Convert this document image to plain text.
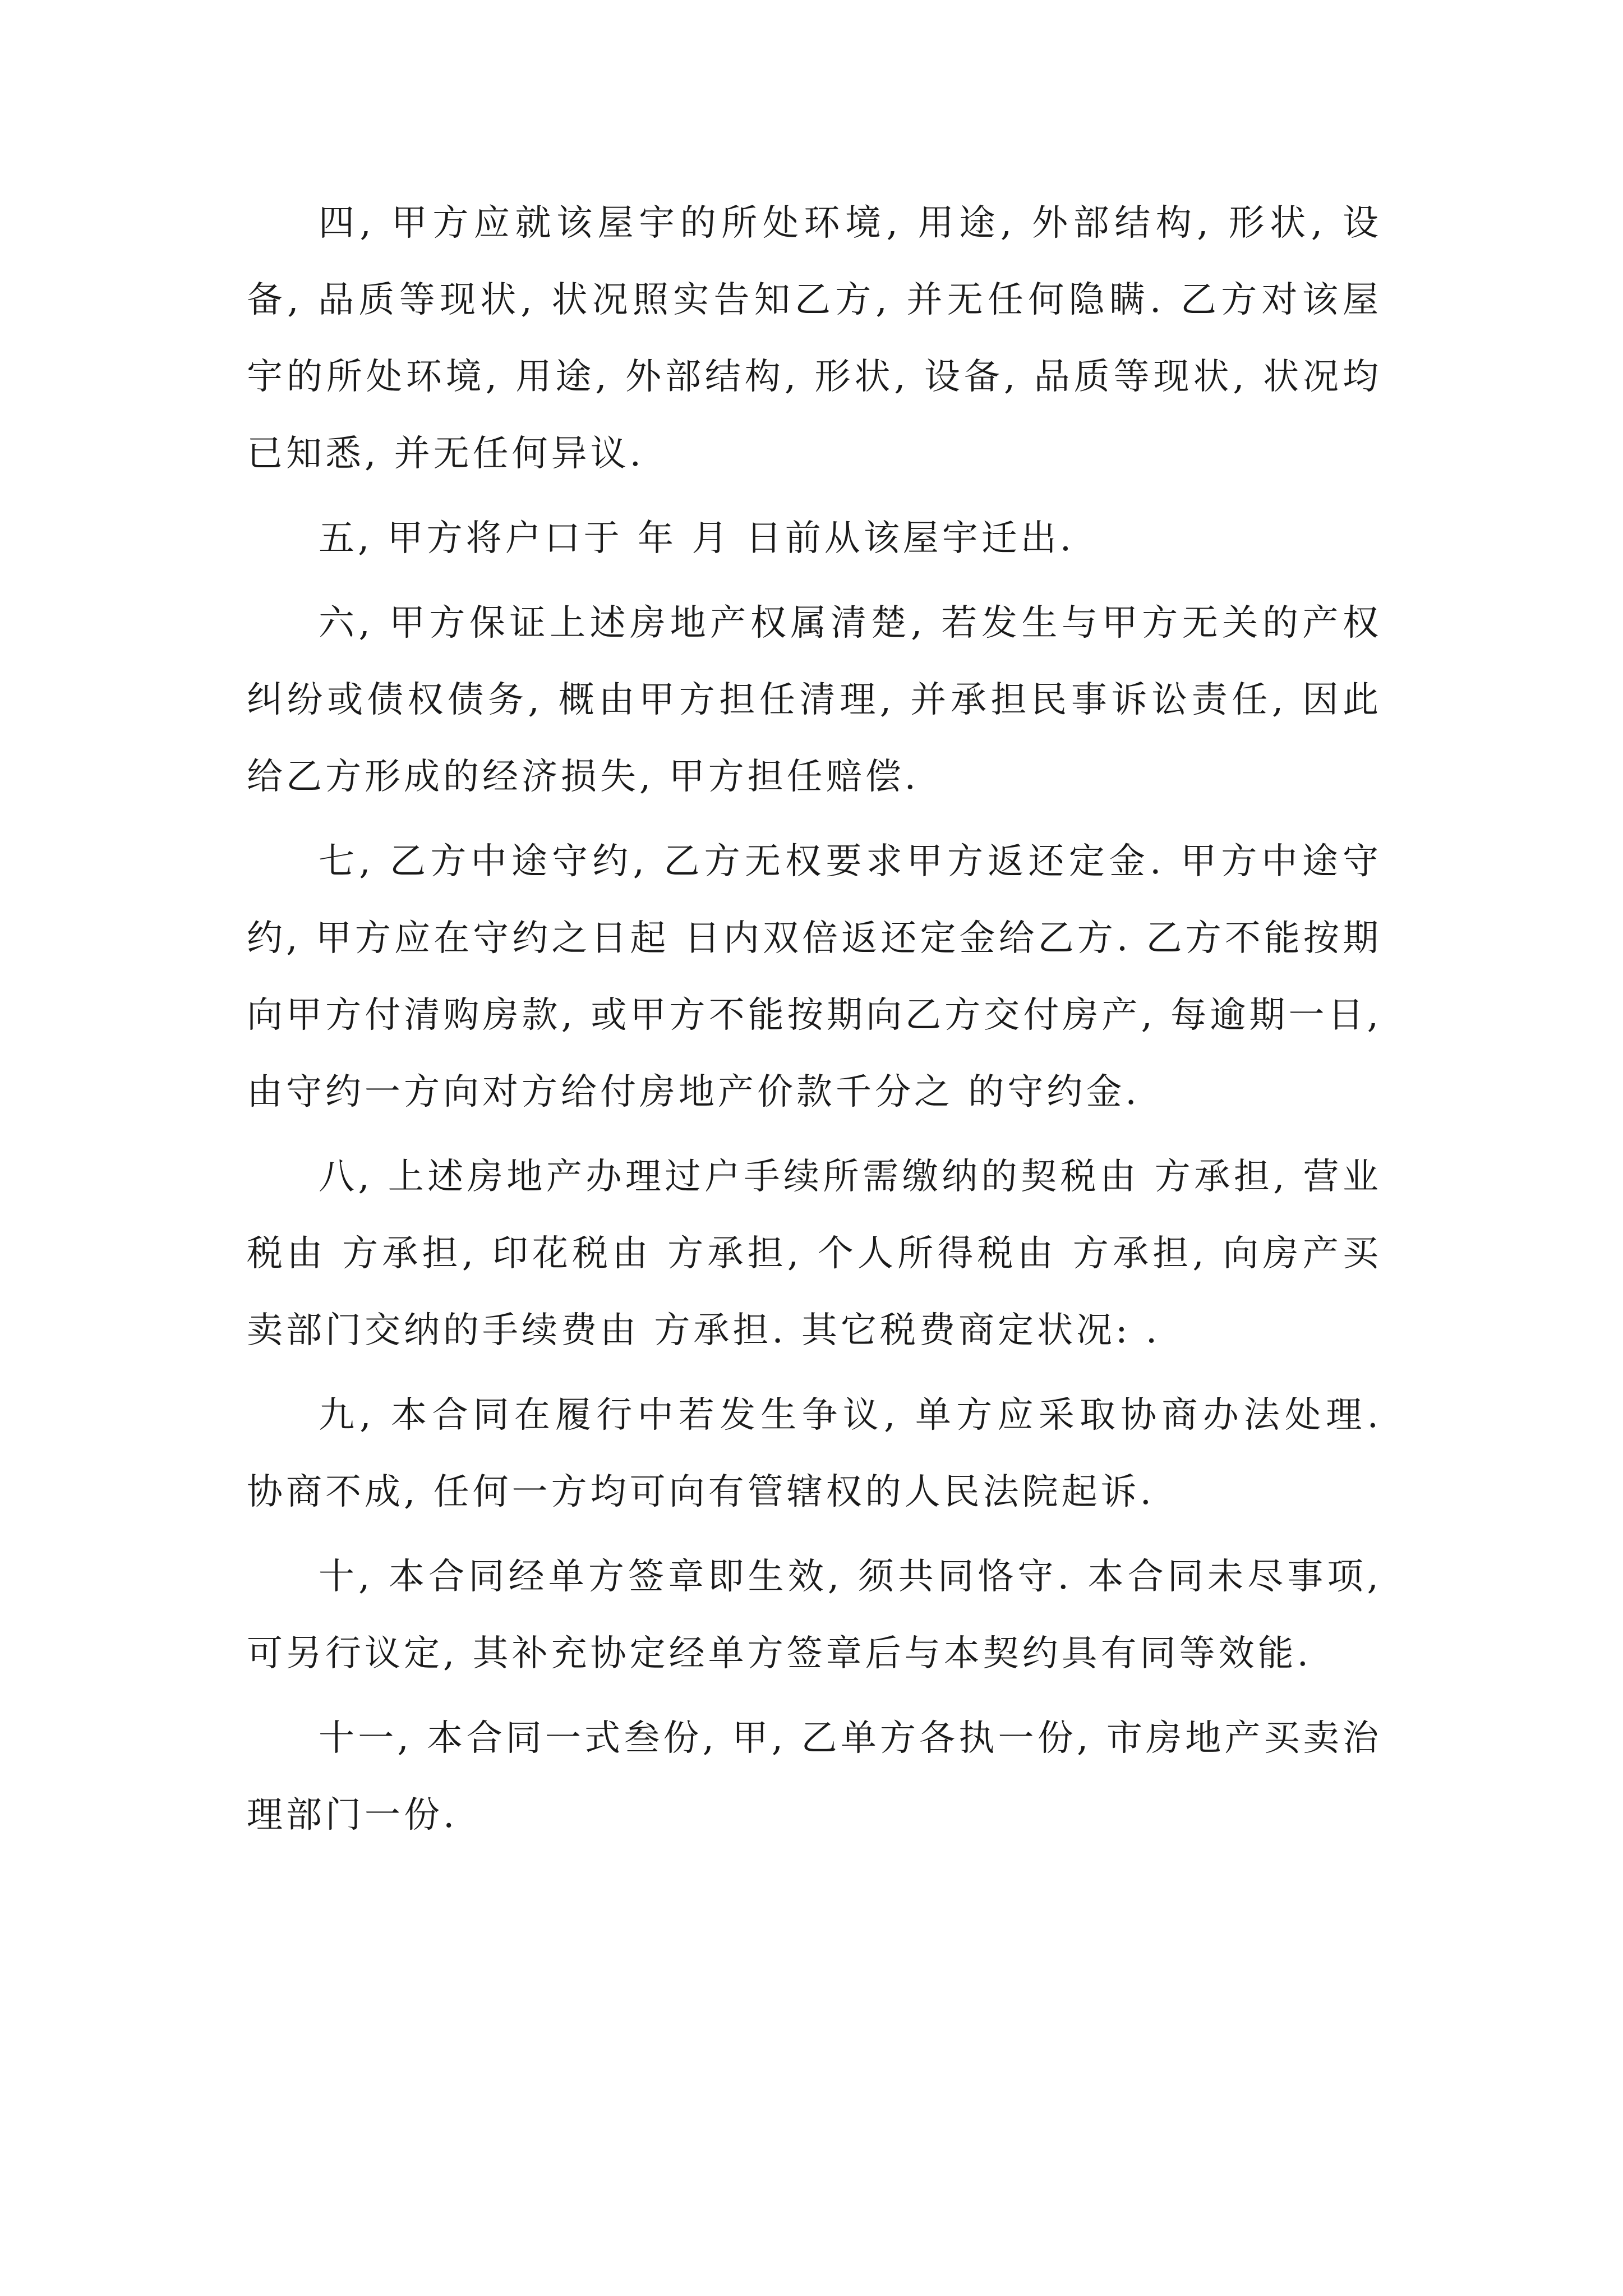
四, 甲方应就该屋宇的所处环境, 用途, 外部结构, 形状, 设备, 品质等现状, 状况照实告知乙方, 并无任何隐瞒. 乙方对该屋宇的所处环境, 用途, 外部结构, 形状, 设备, 品质等现状, 状况均已知悉, 并无任何异议.

五, 甲方将户口于 年 月 日前从该屋宇迁出.

六, 甲方保证上述房地产权属清楚, 若发生与甲方无关的产权纠纷或债权债务, 概由甲方担任清理, 并承担民事诉讼责任, 因此给乙方形成的经济损失, 甲方担任赔偿.

七, 乙方中途守约, 乙方无权要求甲方返还定金. 甲方中途守约, 甲方应在守约之日起 日内双倍返还定金给乙方. 乙方不能按期向甲方付清购房款, 或甲方不能按期向乙方交付房产, 每逾期一日, 由守约一方向对方给付房地产价款千分之 的守约金.

八, 上述房地产办理过户手续所需缴纳的契税由 方承担, 营业税由 方承担, 印花税由 方承担, 个人所得税由 方承担, 向房产买卖部门交纳的手续费由 方承担. 其它税费商定状况: .

九, 本合同在履行中若发生争议, 单方应采取协商办法处理. 协商不成, 任何一方均可向有管辖权的人民法院起诉.

十, 本合同经单方签章即生效, 须共同恪守. 本合同未尽事项, 可另行议定, 其补充协定经单方签章后与本契约具有同等效能.

十一, 本合同一式叁份, 甲, 乙单方各执一份, 市房地产买卖治理部门一份.
